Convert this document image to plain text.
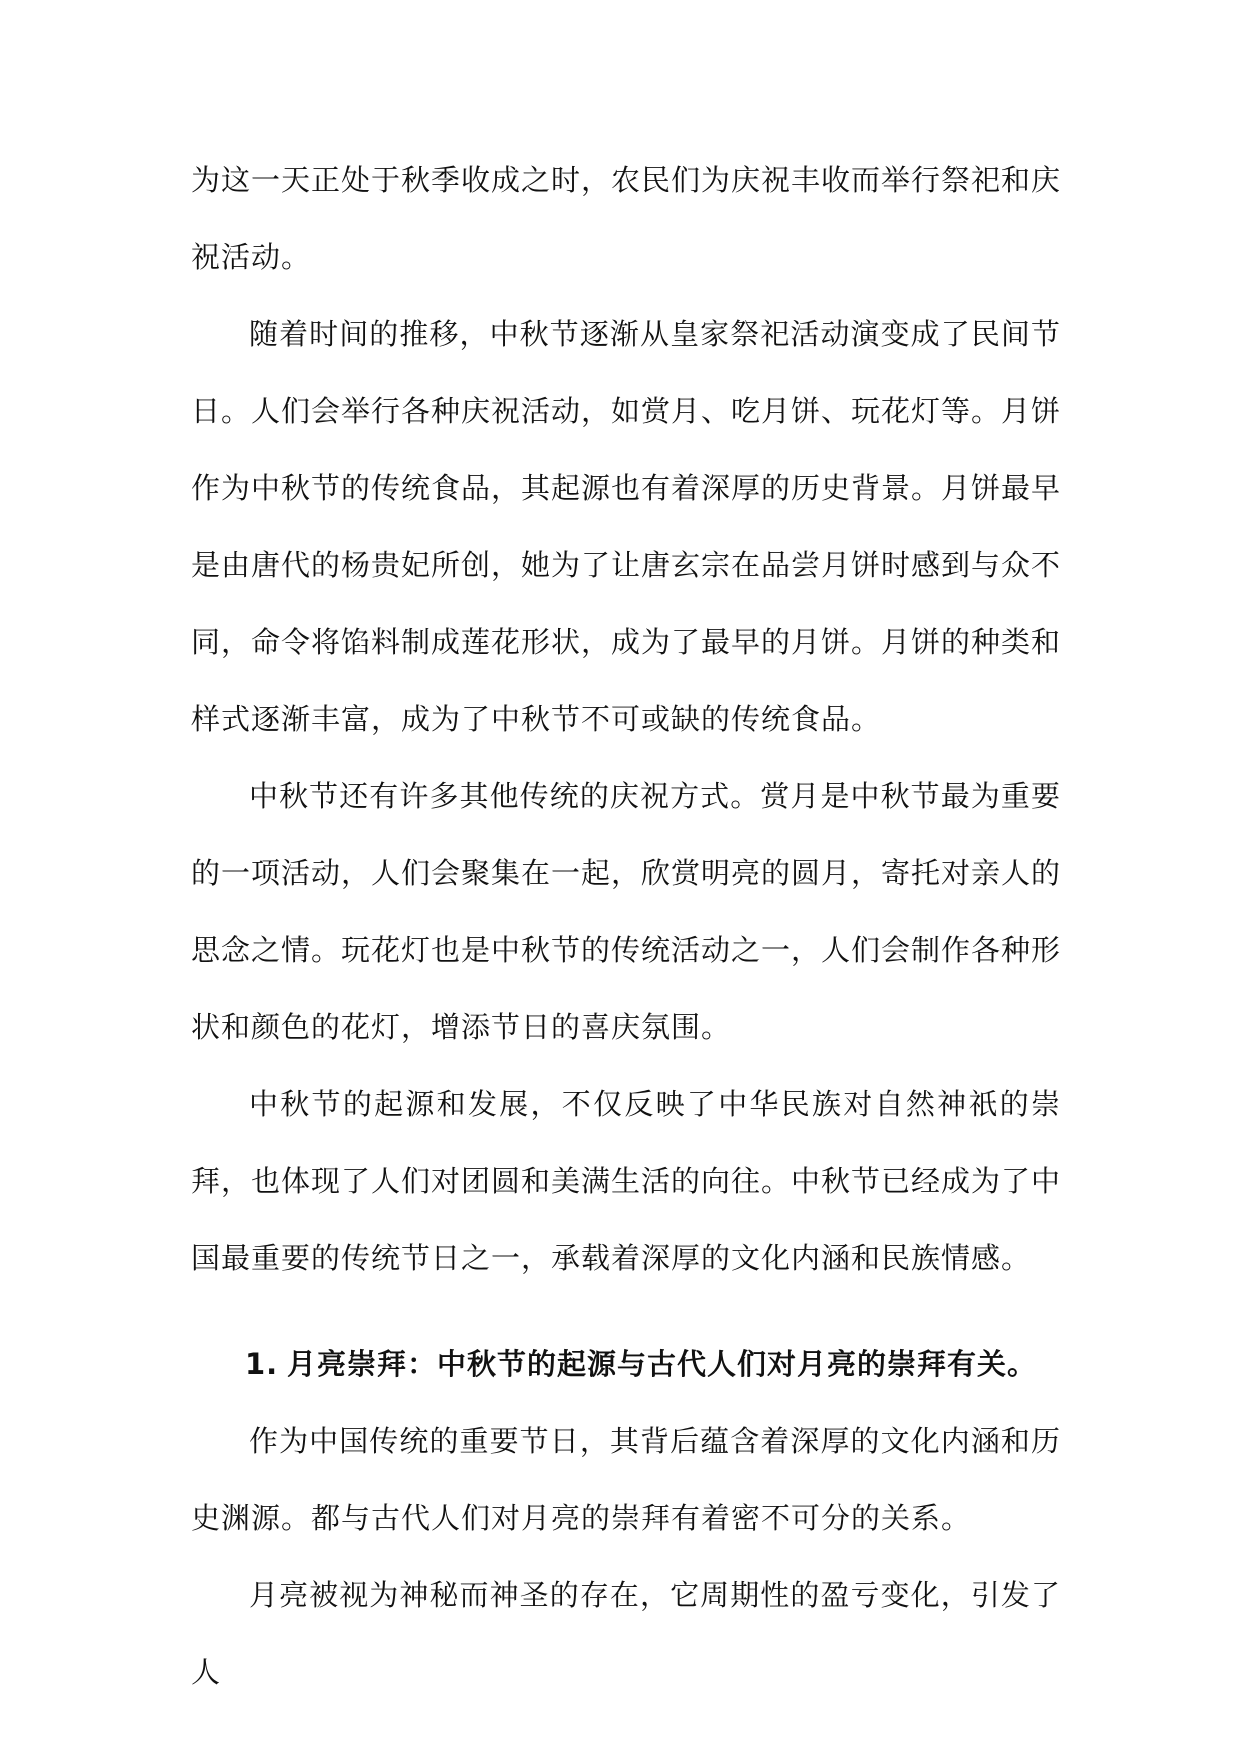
为这一天正处于秋季收成之时，农民们为庆祝丰收而举行祭祀和庆祝活动。

随着时间的推移，中秋节逐渐从皇家祭祀活动演变成了民间节日。人们会举行各种庆祝活动，如赏月、吃月饼、玩花灯等。月饼作为中秋节的传统食品，其起源也有着深厚的历史背景。月饼最早是由唐代的杨贵妃所创，她为了让唐玄宗在品尝月饼时感到与众不同，命令将馅料制成莲花形状，成为了最早的月饼。月饼的种类和样式逐渐丰富，成为了中秋节不可或缺的传统食品。

中秋节还有许多其他传统的庆祝方式。赏月是中秋节最为重要的一项活动，人们会聚集在一起，欣赏明亮的圆月，寄托对亲人的思念之情。玩花灯也是中秋节的传统活动之一，人们会制作各种形状和颜色的花灯，增添节日的喜庆氛围。

中秋节的起源和发展，不仅反映了中华民族对自然神祇的崇拜，也体现了人们对团圆和美满生活的向往。中秋节已经成为了中国最重要的传统节日之一，承载着深厚的文化内涵和民族情感。

1. 月亮崇拜：中秋节的起源与古代人们对月亮的崇拜有关。

作为中国传统的重要节日，其背后蕴含着深厚的文化内涵和历史渊源。都与古代人们对月亮的崇拜有着密不可分的关系。

月亮被视为神秘而神圣的存在，它周期性的盈亏变化，引发了人
